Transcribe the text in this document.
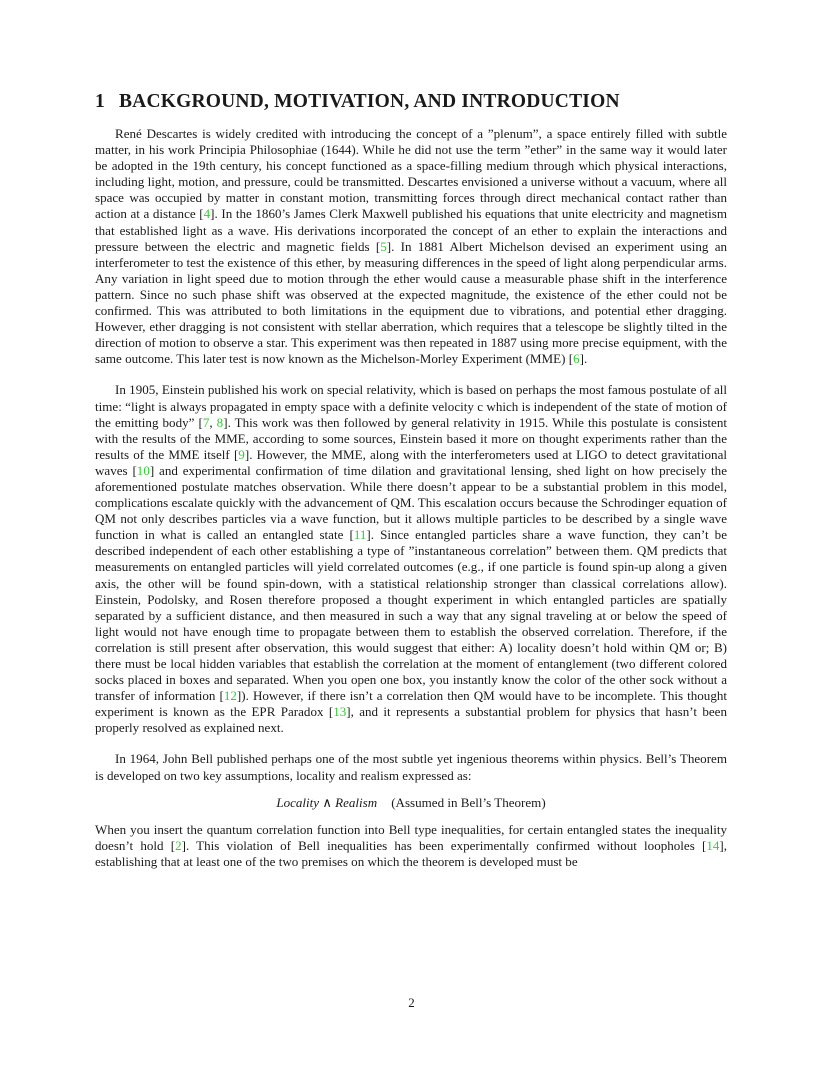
1 BACKGROUND, MOTIVATION, AND INTRODUCTION

René Descartes is widely credited with introducing the concept of a ”plenum”, a space entirely filled with subtle matter, in his work Principia Philosophiae (1644). While he did not use the term ”ether” in the same way it would later be adopted in the 19th century, his concept functioned as a space-filling medium through which physical interactions, including light, motion, and pressure, could be transmitted. Descartes envisioned a universe without a vacuum, where all space was occupied by matter in constant motion, transmitting forces through direct mechanical contact rather than action at a distance [4]. In the 1860’s James Clerk Maxwell published his equations that unite electricity and magnetism that established light as a wave. His derivations incorporated the concept of an ether to explain the interactions and pressure between the electric and magnetic fields [5]. In 1881 Albert Michelson devised an experiment using an interferometer to test the existence of this ether, by measuring differences in the speed of light along perpendicular arms. Any variation in light speed due to motion through the ether would cause a measurable phase shift in the interference pattern. Since no such phase shift was observed at the expected magnitude, the existence of the ether could not be confirmed. This was attributed to both limitations in the equipment due to vibrations, and potential ether dragging. However, ether dragging is not consistent with stellar aberration, which requires that a telescope be slightly tilted in the direction of motion to observe a star. This experiment was then repeated in 1887 using more precise equipment, with the same outcome. This later test is now known as the Michelson-Morley Experiment (MME) [6].

In 1905, Einstein published his work on special relativity, which is based on perhaps the most famous postulate of all time: “light is always propagated in empty space with a definite velocity c which is independent of the state of motion of the emitting body” [7, 8]. This work was then followed by general relativity in 1915. While this postulate is consistent with the results of the MME, according to some sources, Einstein based it more on thought experiments rather than the results of the MME itself [9]. However, the MME, along with the interferometers used at LIGO to detect gravitational waves [10] and experimental confirmation of time dilation and gravitational lensing, shed light on how precisely the aforementioned postulate matches observation. While there doesn’t appear to be a substantial problem in this model, complications escalate quickly with the advancement of QM. This escalation occurs because the Schrodinger equation of QM not only describes particles via a wave function, but it allows multiple particles to be described by a single wave function in what is called an entangled state [11]. Since entangled particles share a wave function, they can’t be described independent of each other establishing a type of ”instantaneous correlation” between them. QM predicts that measurements on entangled particles will yield correlated outcomes (e.g., if one particle is found spin-up along a given axis, the other will be found spin-down, with a statistical relationship stronger than classical correlations allow). Einstein, Podolsky, and Rosen therefore proposed a thought experiment in which entangled particles are spatially separated by a sufficient distance, and then measured in such a way that any signal traveling at or below the speed of light would not have enough time to propagate between them to establish the observed correlation. Therefore, if the correlation is still present after observation, this would suggest that either: A) locality doesn’t hold within QM or; B) there must be local hidden variables that establish the correlation at the moment of entanglement (two different colored socks placed in boxes and separated. When you open one box, you instantly know the color of the other sock without a transfer of information [12]). However, if there isn’t a correlation then QM would have to be incomplete. This thought experiment is known as the EPR Paradox [13], and it represents a substantial problem for physics that hasn’t been properly resolved as explained next.

In 1964, John Bell published perhaps one of the most subtle yet ingenious theorems within physics. Bell’s Theorem is developed on two key assumptions, locality and realism expressed as:

Locality ∧ Realism (Assumed in Bell’s Theorem)

When you insert the quantum correlation function into Bell type inequalities, for certain entangled states the inequality doesn’t hold [2]. This violation of Bell inequalities has been experimentally confirmed without loopholes [14], establishing that at least one of the two premises on which the theorem is developed must be

2
